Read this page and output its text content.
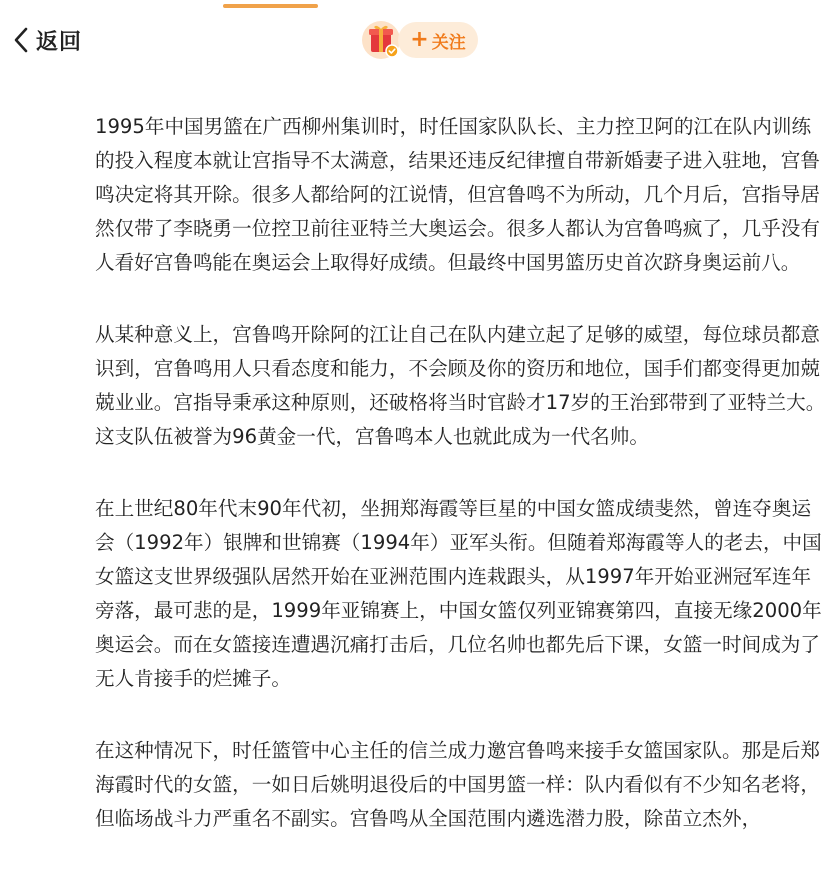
返回	+ 关注

1995年中国男篮在广西柳州集训时，时任国家队队长、主力控卫阿的江在队内训练的投入程度本就让宫指导不太满意，结果还违反纪律擅自带新婚妻子进入驻地，宫鲁鸣决定将其开除。很多人都给阿的江说情，但宫鲁鸣不为所动，几个月后，宫指导居然仅带了李晓勇一位控卫前往亚特兰大奥运会。很多人都认为宫鲁鸣疯了，几乎没有人看好宫鲁鸣能在奥运会上取得好成绩。但最终中国男篮历史首次跻身奥运前八。

从某种意义上，宫鲁鸣开除阿的江让自己在队内建立起了足够的威望，每位球员都意识到，宫鲁鸣用人只看态度和能力，不会顾及你的资历和地位，国手们都变得更加兢兢业业。宫指导秉承这种原则，还破格将当时官龄才17岁的王治郅带到了亚特兰大。这支队伍被誉为96黄金一代，宫鲁鸣本人也就此成为一代名帅。

在上世纪80年代末90年代初，坐拥郑海霞等巨星的中国女篮成绩斐然，曾连夺奥运会（1992年）银牌和世锦赛（1994年）亚军头衔。但随着郑海霞等人的老去，中国女篮这支世界级强队居然开始在亚洲范围内连栽跟头，从1997年开始亚洲冠军连年旁落，最可悲的是，1999年亚锦赛上，中国女篮仅列亚锦赛第四，直接无缘2000年奥运会。而在女篮接连遭遇沉痛打击后，几位名帅也都先后下课，女篮一时间成为了无人肯接手的烂摊子。

在这种情况下，时任篮管中心主任的信兰成力邀宫鲁鸣来接手女篮国家队。那是后郑海霞时代的女篮，一如日后姚明退役后的中国男篮一样：队内看似有不少知名老将，但临场战斗力严重名不副实。宫鲁鸣从全国范围内遴选潜力股，除苗立杰外，
